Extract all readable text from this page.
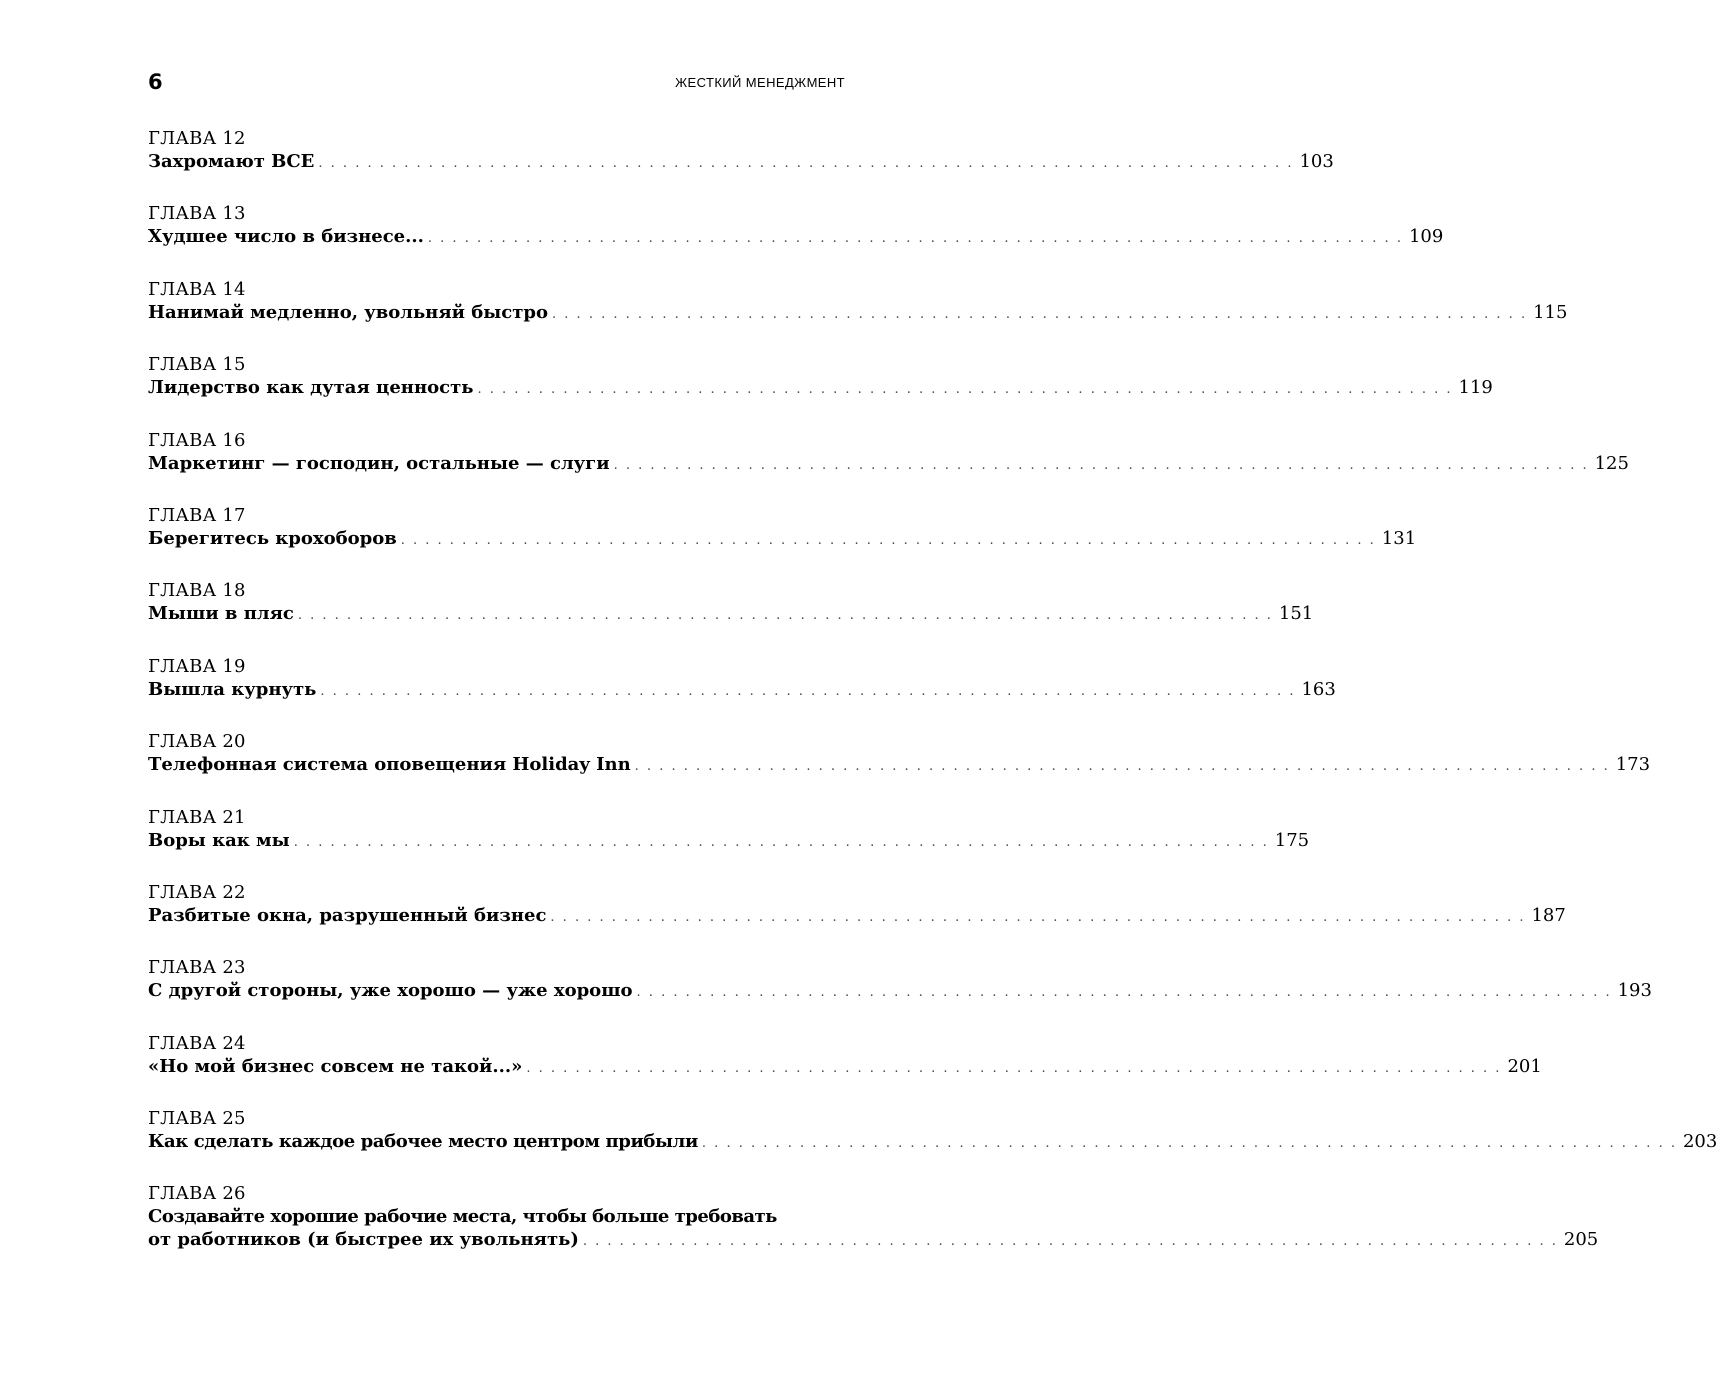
6	ЖЕСТКИЙ МЕНЕДЖМЕНТ
ГЛАВА 12
Захромают ВСЕ . . . . . . . . . . . . . . . . . . . . . . . . . . . . . . . . . . . . . . . . . . . . . . . . . . . . . . . . . . . . . . . . . . . . . . . . . . . . . . . . 103
ГЛАВА 13
Худшее число в бизнесе... . . . . . . . . . . . . . . . . . . . . . . . . . . . . . . . . . . . . . . . . . . . . . . . . . . . . . . . . . . . . . . . . . . . . . . . . . . . . . . . . 109
ГЛАВА 14
Нанимай медленно, увольняй быстро . . . . . . . . . . . . . . . . . . . . . . . . . . . . . . . . . . . . . . . . . . . . . . . . . . . . . . . . . . . . . . . . . . . . . . . . . . . . . . . . 115
ГЛАВА 15
Лидерство как дутая ценность . . . . . . . . . . . . . . . . . . . . . . . . . . . . . . . . . . . . . . . . . . . . . . . . . . . . . . . . . . . . . . . . . . . . . . . . . . . . . . . . 119
ГЛАВА 16
Маркетинг — господин, остальные — слуги . . . . . . . . . . . . . . . . . . . . . . . . . . . . . . . . . . . . . . . . . . . . . . . . . . . . . . . . . . . . . . . . . . . . . . . . . . . . . . . . 125
ГЛАВА 17
Берегитесь крохоборов . . . . . . . . . . . . . . . . . . . . . . . . . . . . . . . . . . . . . . . . . . . . . . . . . . . . . . . . . . . . . . . . . . . . . . . . . . . . . . . . 131
ГЛАВА 18
Мыши в пляс . . . . . . . . . . . . . . . . . . . . . . . . . . . . . . . . . . . . . . . . . . . . . . . . . . . . . . . . . . . . . . . . . . . . . . . . . . . . . . . . 151
ГЛАВА 19
Вышла курнуть . . . . . . . . . . . . . . . . . . . . . . . . . . . . . . . . . . . . . . . . . . . . . . . . . . . . . . . . . . . . . . . . . . . . . . . . . . . . . . . . 163
ГЛАВА 20
Телефонная система оповещения Holiday Inn . . . . . . . . . . . . . . . . . . . . . . . . . . . . . . . . . . . . . . . . . . . . . . . . . . . . . . . . . . . . . . . . . . . . . . . . . . . . . . . . 173
ГЛАВА 21
Воры как мы . . . . . . . . . . . . . . . . . . . . . . . . . . . . . . . . . . . . . . . . . . . . . . . . . . . . . . . . . . . . . . . . . . . . . . . . . . . . . . . . 175
ГЛАВА 22
Разбитые окна, разрушенный бизнес . . . . . . . . . . . . . . . . . . . . . . . . . . . . . . . . . . . . . . . . . . . . . . . . . . . . . . . . . . . . . . . . . . . . . . . . . . . . . . . . 187
ГЛАВА 23
С другой стороны, уже хорошо — уже хорошо . . . . . . . . . . . . . . . . . . . . . . . . . . . . . . . . . . . . . . . . . . . . . . . . . . . . . . . . . . . . . . . . . . . . . . . . . . . . . . . . 193
ГЛАВА 24
«Но мой бизнес совсем не такой...» . . . . . . . . . . . . . . . . . . . . . . . . . . . . . . . . . . . . . . . . . . . . . . . . . . . . . . . . . . . . . . . . . . . . . . . . . . . . . . . . 201
ГЛАВА 25
Как сделать каждое рабочее место центром прибыли . . . . . . . . . . . . . . . . . . . . . . . . . . . . . . . . . . . . . . . . . . . . . . . . . . . . . . . . . . . . . . . . . . . . . . . . . . . . . . . . 203
ГЛАВА 26
Создавайте хорошие рабочие места, чтобы больше требовать
от работников (и быстрее их увольнять) . . . . . . . . . . . . . . . . . . . . . . . . . . . . . . . . . . . . . . . . . . . . . . . . . . . . . . . . . . . . . . . . . . . . . . . . . . . . . . . . 205
